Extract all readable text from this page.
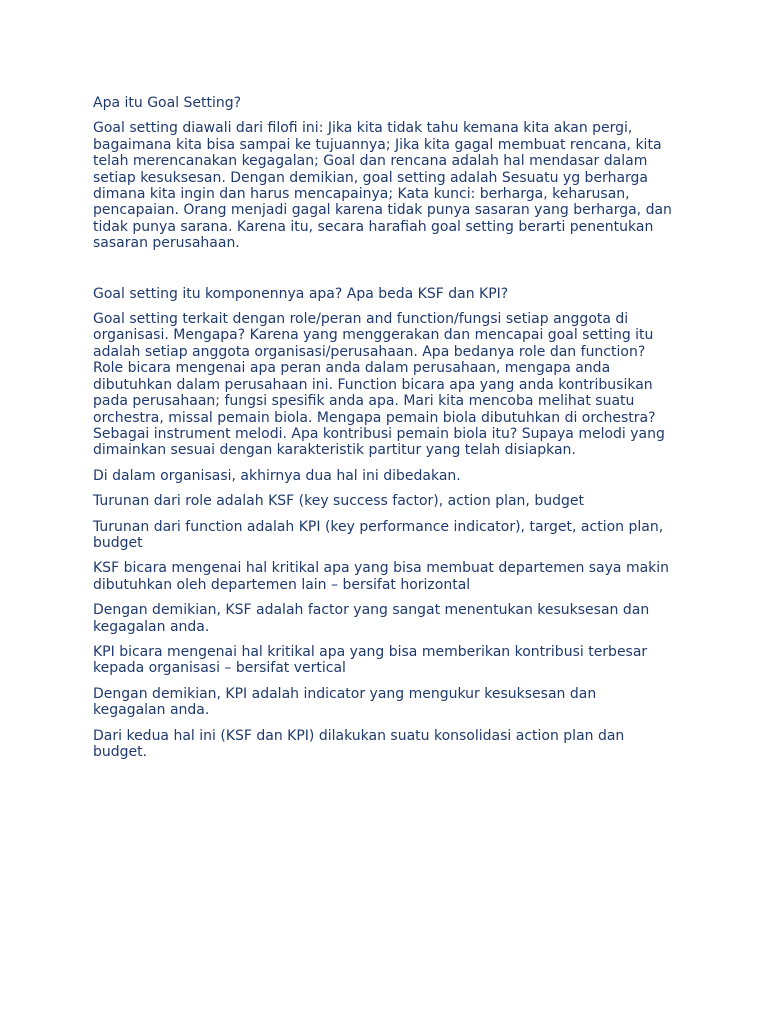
Apa itu Goal Setting?

Goal setting diawali dari filofi ini: Jika kita tidak tahu kemana kita akan pergi, bagaimana kita bisa sampai ke tujuannya; Jika kita gagal membuat rencana, kita telah merencanakan kegagalan; Goal dan rencana adalah hal mendasar dalam setiap kesuksesan. Dengan demikian, goal setting adalah Sesuatu yg berharga dimana kita ingin dan harus mencapainya; Kata kunci: berharga, keharusan, pencapaian. Orang menjadi gagal karena tidak punya sasaran yang berharga, dan tidak punya sarana. Karena itu, secara harafiah goal setting berarti penentukan sasaran perusahaan.

Goal setting itu komponennya apa? Apa beda KSF dan KPI?

Goal setting terkait dengan role/peran and function/fungsi setiap anggota di organisasi. Mengapa? Karena yang menggerakan dan mencapai goal setting itu adalah setiap anggota organisasi/perusahaan. Apa bedanya role dan function? Role bicara mengenai apa peran anda dalam perusahaan, mengapa anda dibutuhkan dalam perusahaan ini. Function bicara apa yang anda kontribusikan pada perusahaan; fungsi spesifik anda apa. Mari kita mencoba melihat suatu orchestra, missal pemain biola. Mengapa pemain biola dibutuhkan di orchestra? Sebagai instrument melodi. Apa kontribusi pemain biola itu? Supaya melodi yang dimainkan sesuai dengan karakteristik partitur yang telah disiapkan.

Di dalam organisasi, akhirnya dua hal ini dibedakan.

Turunan dari role adalah KSF (key success factor), action plan, budget

Turunan dari function adalah KPI (key performance indicator), target, action plan, budget

KSF bicara mengenai hal kritikal apa yang bisa membuat departemen saya makin dibutuhkan oleh departemen lain – bersifat horizontal

Dengan demikian, KSF adalah factor yang sangat menentukan kesuksesan dan kegagalan anda.

KPI bicara mengenai hal kritikal apa yang bisa memberikan kontribusi terbesar kepada organisasi – bersifat vertical

Dengan demikian, KPI adalah indicator yang mengukur kesuksesan dan kegagalan anda.

Dari kedua hal ini (KSF dan KPI) dilakukan suatu konsolidasi action plan dan budget.
